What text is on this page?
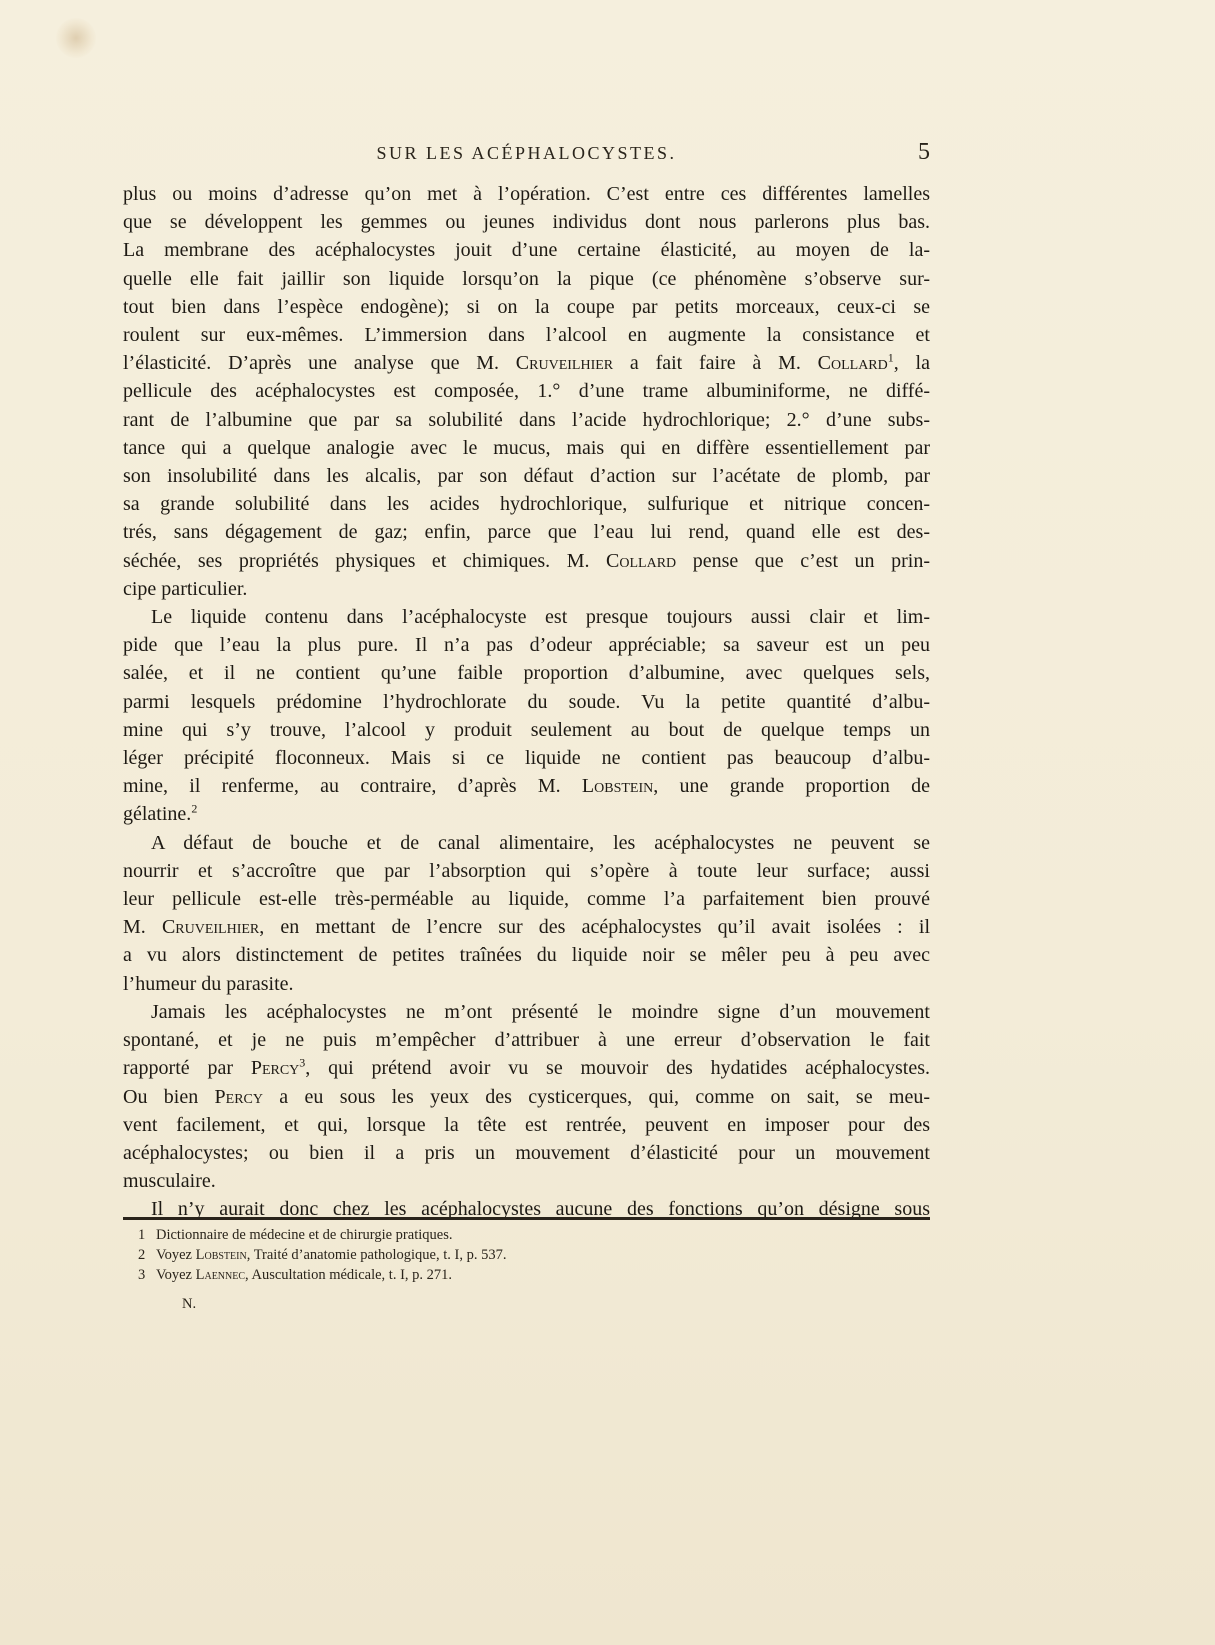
SUR LES ACÉPHALOCYSTES.	5
plus ou moins d’adresse qu’on met à l’opération. C’est entre ces différentes lamelles
que se développent les gemmes ou jeunes individus dont nous parlerons plus bas.
La membrane des acéphalocystes jouit d’une certaine élasticité, au moyen de la-
quelle elle fait jaillir son liquide lorsqu’on la pique (ce phénomène s’observe sur-
tout bien dans l’espèce endogène); si on la coupe par petits morceaux, ceux-ci se
roulent sur eux-mêmes. L’immersion dans l’alcool en augmente la consistance et
l’élasticité. D’après une analyse que M. Cruveilhier a fait faire à M. Collard$^1$, la
pellicule des acéphalocystes est composée, 1.° d’une trame albuminiforme, ne diffé-
rant de l’albumine que par sa solubilité dans l’acide hydrochlorique; 2.° d’une subs-
tance qui a quelque analogie avec le mucus, mais qui en diffère essentiellement par
son insolubilité dans les alcalis, par son défaut d’action sur l’acétate de plomb, par
sa grande solubilité dans les acides hydrochlorique, sulfurique et nitrique concen-
trés, sans dégagement de gaz; enfin, parce que l’eau lui rend, quand elle est des-
séchée, ses propriétés physiques et chimiques. M. Collard pense que c’est un prin-
cipe particulier.
Le liquide contenu dans l’acéphalocyste est presque toujours aussi clair et lim-
pide que l’eau la plus pure. Il n’a pas d’odeur appréciable; sa saveur est un peu
salée, et il ne contient qu’une faible proportion d’albumine, avec quelques sels,
parmi lesquels prédomine l’hydrochlorate du soude. Vu la petite quantité d’albu-
mine qui s’y trouve, l’alcool y produit seulement au bout de quelque temps un
léger précipité floconneux. Mais si ce liquide ne contient pas beaucoup d’albu-
mine, il renferme, au contraire, d’après M. Lobstein, une grande proportion de
gélatine.$^2$
A défaut de bouche et de canal alimentaire, les acéphalocystes ne peuvent se
nourrir et s’accroître que par l’absorption qui s’opère à toute leur surface; aussi
leur pellicule est-elle très-perméable au liquide, comme l’a parfaitement bien prouvé
M. Cruveilhier, en mettant de l’encre sur des acéphalocystes qu’il avait isolées : il
a vu alors distinctement de petites traînées du liquide noir se mêler peu à peu avec
l’humeur du parasite.
Jamais les acéphalocystes ne m’ont présenté le moindre signe d’un mouvement
spontané, et je ne puis m’empêcher d’attribuer à une erreur d’observation le fait
rapporté par Percy$^3$, qui prétend avoir vu se mouvoir des hydatides acéphalocystes.
Ou bien Percy a eu sous les yeux des cysticerques, qui, comme on sait, se meu-
vent facilement, et qui, lorsque la tête est rentrée, peuvent en imposer pour des
acéphalocystes; ou bien il a pris un mouvement d’élasticité pour un mouvement
musculaire.
Il n’y aurait donc chez les acéphalocystes aucune des fonctions qu’on désigne sous
1 Dictionnaire de médecine et de chirurgie pratiques.
2 Voyez Lobstein, Traité d’anatomie pathologique, t. I, p. 537.
3 Voyez Laennec, Auscultation médicale, t. I, p. 271.
N.
